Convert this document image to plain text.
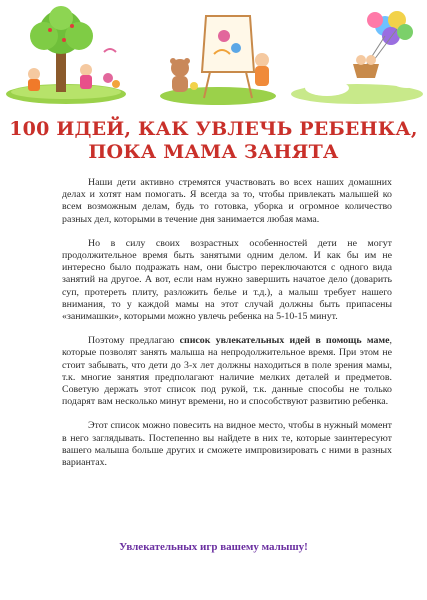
100 ИДЕЙ, КАК УВЛЕЧЬ РЕБЕНКА,
ПОКА МАМА ЗАНЯТА

Наши дети активно стремятся участвовать во всех наших домашних делах и хотят нам помогать. Я всегда за то, чтобы привлекать малышей ко всем возможным делам, будь то готовка, уборка и огромное количество разных дел, которыми в течение дня занимается любая мама.

Но в силу своих возрастных особенностей дети не могут продолжительное время быть занятыми одним делом. И как бы им не интересно было подражать нам, они быстро переключаются с одного вида занятий на другое. А вот, если нам нужно завершить начатое дело (доварить суп, протереть плиту, разложить белье и т.д.), а малыш требует нашего внимания, то у каждой мамы на этот случай должны быть припасены «занимашки», которыми можно увлечь ребенка на 5-10-15 минут.

Поэтому предлагаю список увлекательных идей в помощь маме, которые позволят занять малыша на непродолжительное время. При этом не стоит забывать, что дети до 3-х лет должны находиться в поле зрения мамы, т.к. многие занятия предполагают наличие мелких деталей и предметов. Советую держать этот список под рукой, т.к. данные способы не только подарят вам несколько минут времени, но и способствуют развитию ребенка.

Этот список можно повесить на видное место, чтобы в нужный момент в него заглядывать. Постепенно вы найдете в них те, которые заинтересуют вашего малыша больше других и сможете импровизировать с ними в разных вариантах.

Увлекательных игр вашему малышу!
